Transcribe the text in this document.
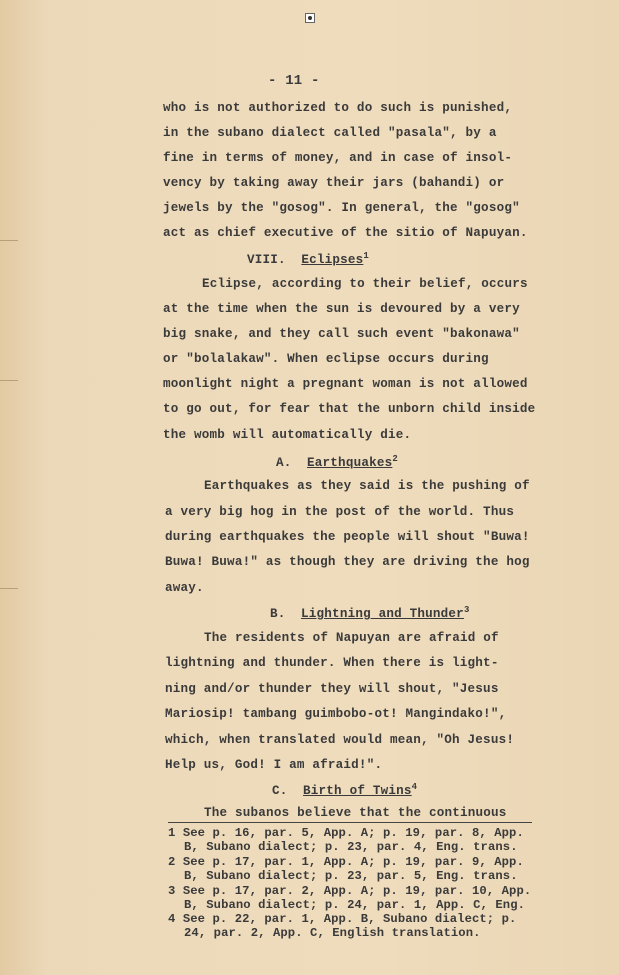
- 11 -
who is not authorized to do such is punished,
in the subano dialect called "pasala", by a
fine in terms of money, and in case of insol-
vency by taking away their jars (bahandi) or
jewels by the "gosog". In general, the "gosog"
act as chief executive of the sitio of Napuyan.
VIII. Eclipses$^1$
Eclipse, according to their belief, occurs
at the time when the sun is devoured by a very
big snake, and they call such event "bakonawa"
or "bolalakaw". When eclipse occurs during
moonlight night a pregnant woman is not allowed
to go out, for fear that the unborn child inside
the womb will automatically die.
A. Earthquakes$^2$
Earthquakes as they said is the pushing of
a very big hog in the post of the world. Thus
during earthquakes the people will shout "Buwa!
Buwa! Buwa!" as though they are driving the hog
away.
B. Lightning and Thunder$^3$
The residents of Napuyan are afraid of
lightning and thunder. When there is light-
ning and/or thunder they will shout, "Jesus
Mariosip! tambang guimbobo-ot! Mangindako!",
which, when translated would mean, "Oh Jesus!
Help us, God! I am afraid!".
C. Birth of Twins$^4$
The subanos believe that the continuous
1 See p. 16, par. 5, App. A; p. 19, par. 8, App.
B, Subano dialect; p. 23, par. 4, Eng. trans.
2 See p. 17, par. 1, App. A; p. 19, par. 9, App.
B, Subano dialect; p. 23, par. 5, Eng. trans.
3 See p. 17, par. 2, App. A; p. 19, par. 10, App.
B, Subano dialect; p. 24, par. 1, App. C, Eng.
4 See p. 22, par. 1, App. B, Subano dialect; p.
24, par. 2, App. C, English translation.
